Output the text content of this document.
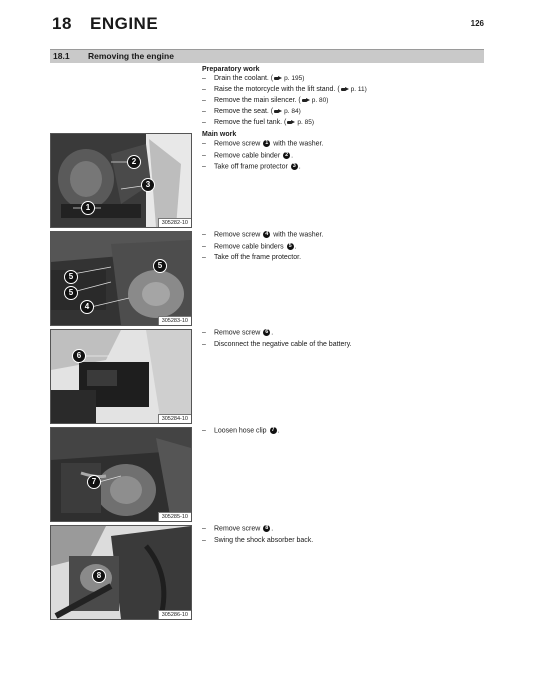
18 ENGINE	126
18.1 Removing the engine
Preparatory work
– Drain the coolant. ( p. 195)
– Raise the motorcycle with the lift stand. ( p. 11)
– Remove the main silencer. ( p. 80)
– Remove the seat. ( p. 84)
– Remove the fuel tank. ( p. 85)
Main work
– Remove screw 1 with the washer.
– Remove cable binder 2 .
– Take off frame protector 3 .
2
3
1
305282-10
– Remove screw 4 with the washer.
– Remove cable binders 5 .
– Take off the frame protector.
5
5
5
4
305283-10
– Remove screw 6 .
– Disconnect the negative cable of the battery.
6
305284-10
– Loosen hose clip 7 .
7
305285-10
– Remove screw 8 .
– Swing the shock absorber back.
8
305286-10
